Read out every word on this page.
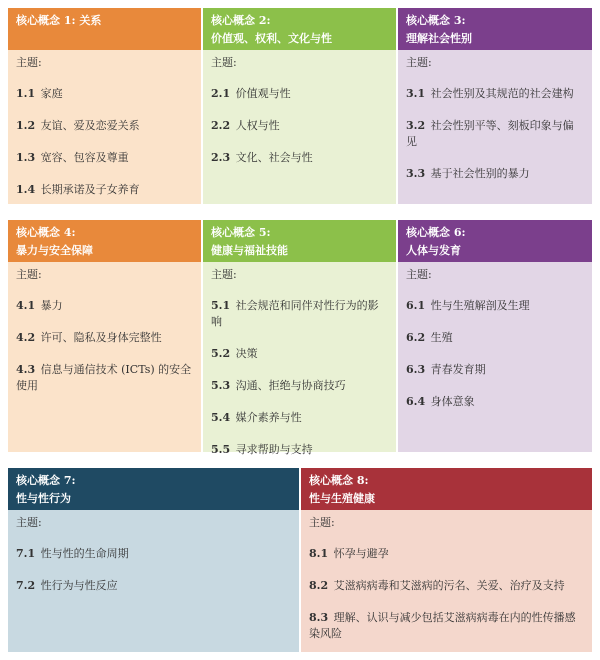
核心概念 1: 关系
主题:
1.1 家庭
1.2 友谊、爱及恋爱关系
1.3 宽容、包容及尊重
1.4 长期承诺及子女养育
核心概念 2:
价值观、权利、文化与性
主题:
2.1 价值观与性
2.2 人权与性
2.3 文化、社会与性
核心概念 3:
理解社会性别
主题:
3.1 社会性别及其规范的社会建构
3.2 社会性别平等、刻板印象与偏见
3.3 基于社会性别的暴力
核心概念 4:
暴力与安全保障
主题:
4.1 暴力
4.2 许可、隐私及身体完整性
4.3 信息与通信技术 (ICTs) 的安全使用
核心概念 5:
健康与福祉技能
主题:
5.1 社会规范和同伴对性行为的影响
5.2 决策
5.3 沟通、拒绝与协商技巧
5.4 媒介素养与性
5.5 寻求帮助与支持
核心概念 6:
人体与发育
主题:
6.1 性与生殖解剖及生理
6.2 生殖
6.3 青春发育期
6.4 身体意象
核心概念 7:
性与性行为
主题:
7.1 性与性的生命周期
7.2 性行为与性反应
核心概念 8:
性与生殖健康
主题:
8.1 怀孕与避孕
8.2 艾滋病病毒和艾滋病的污名、关爱、治疗及支持
8.3 理解、认识与减少包括艾滋病病毒在内的性传播感染风险
